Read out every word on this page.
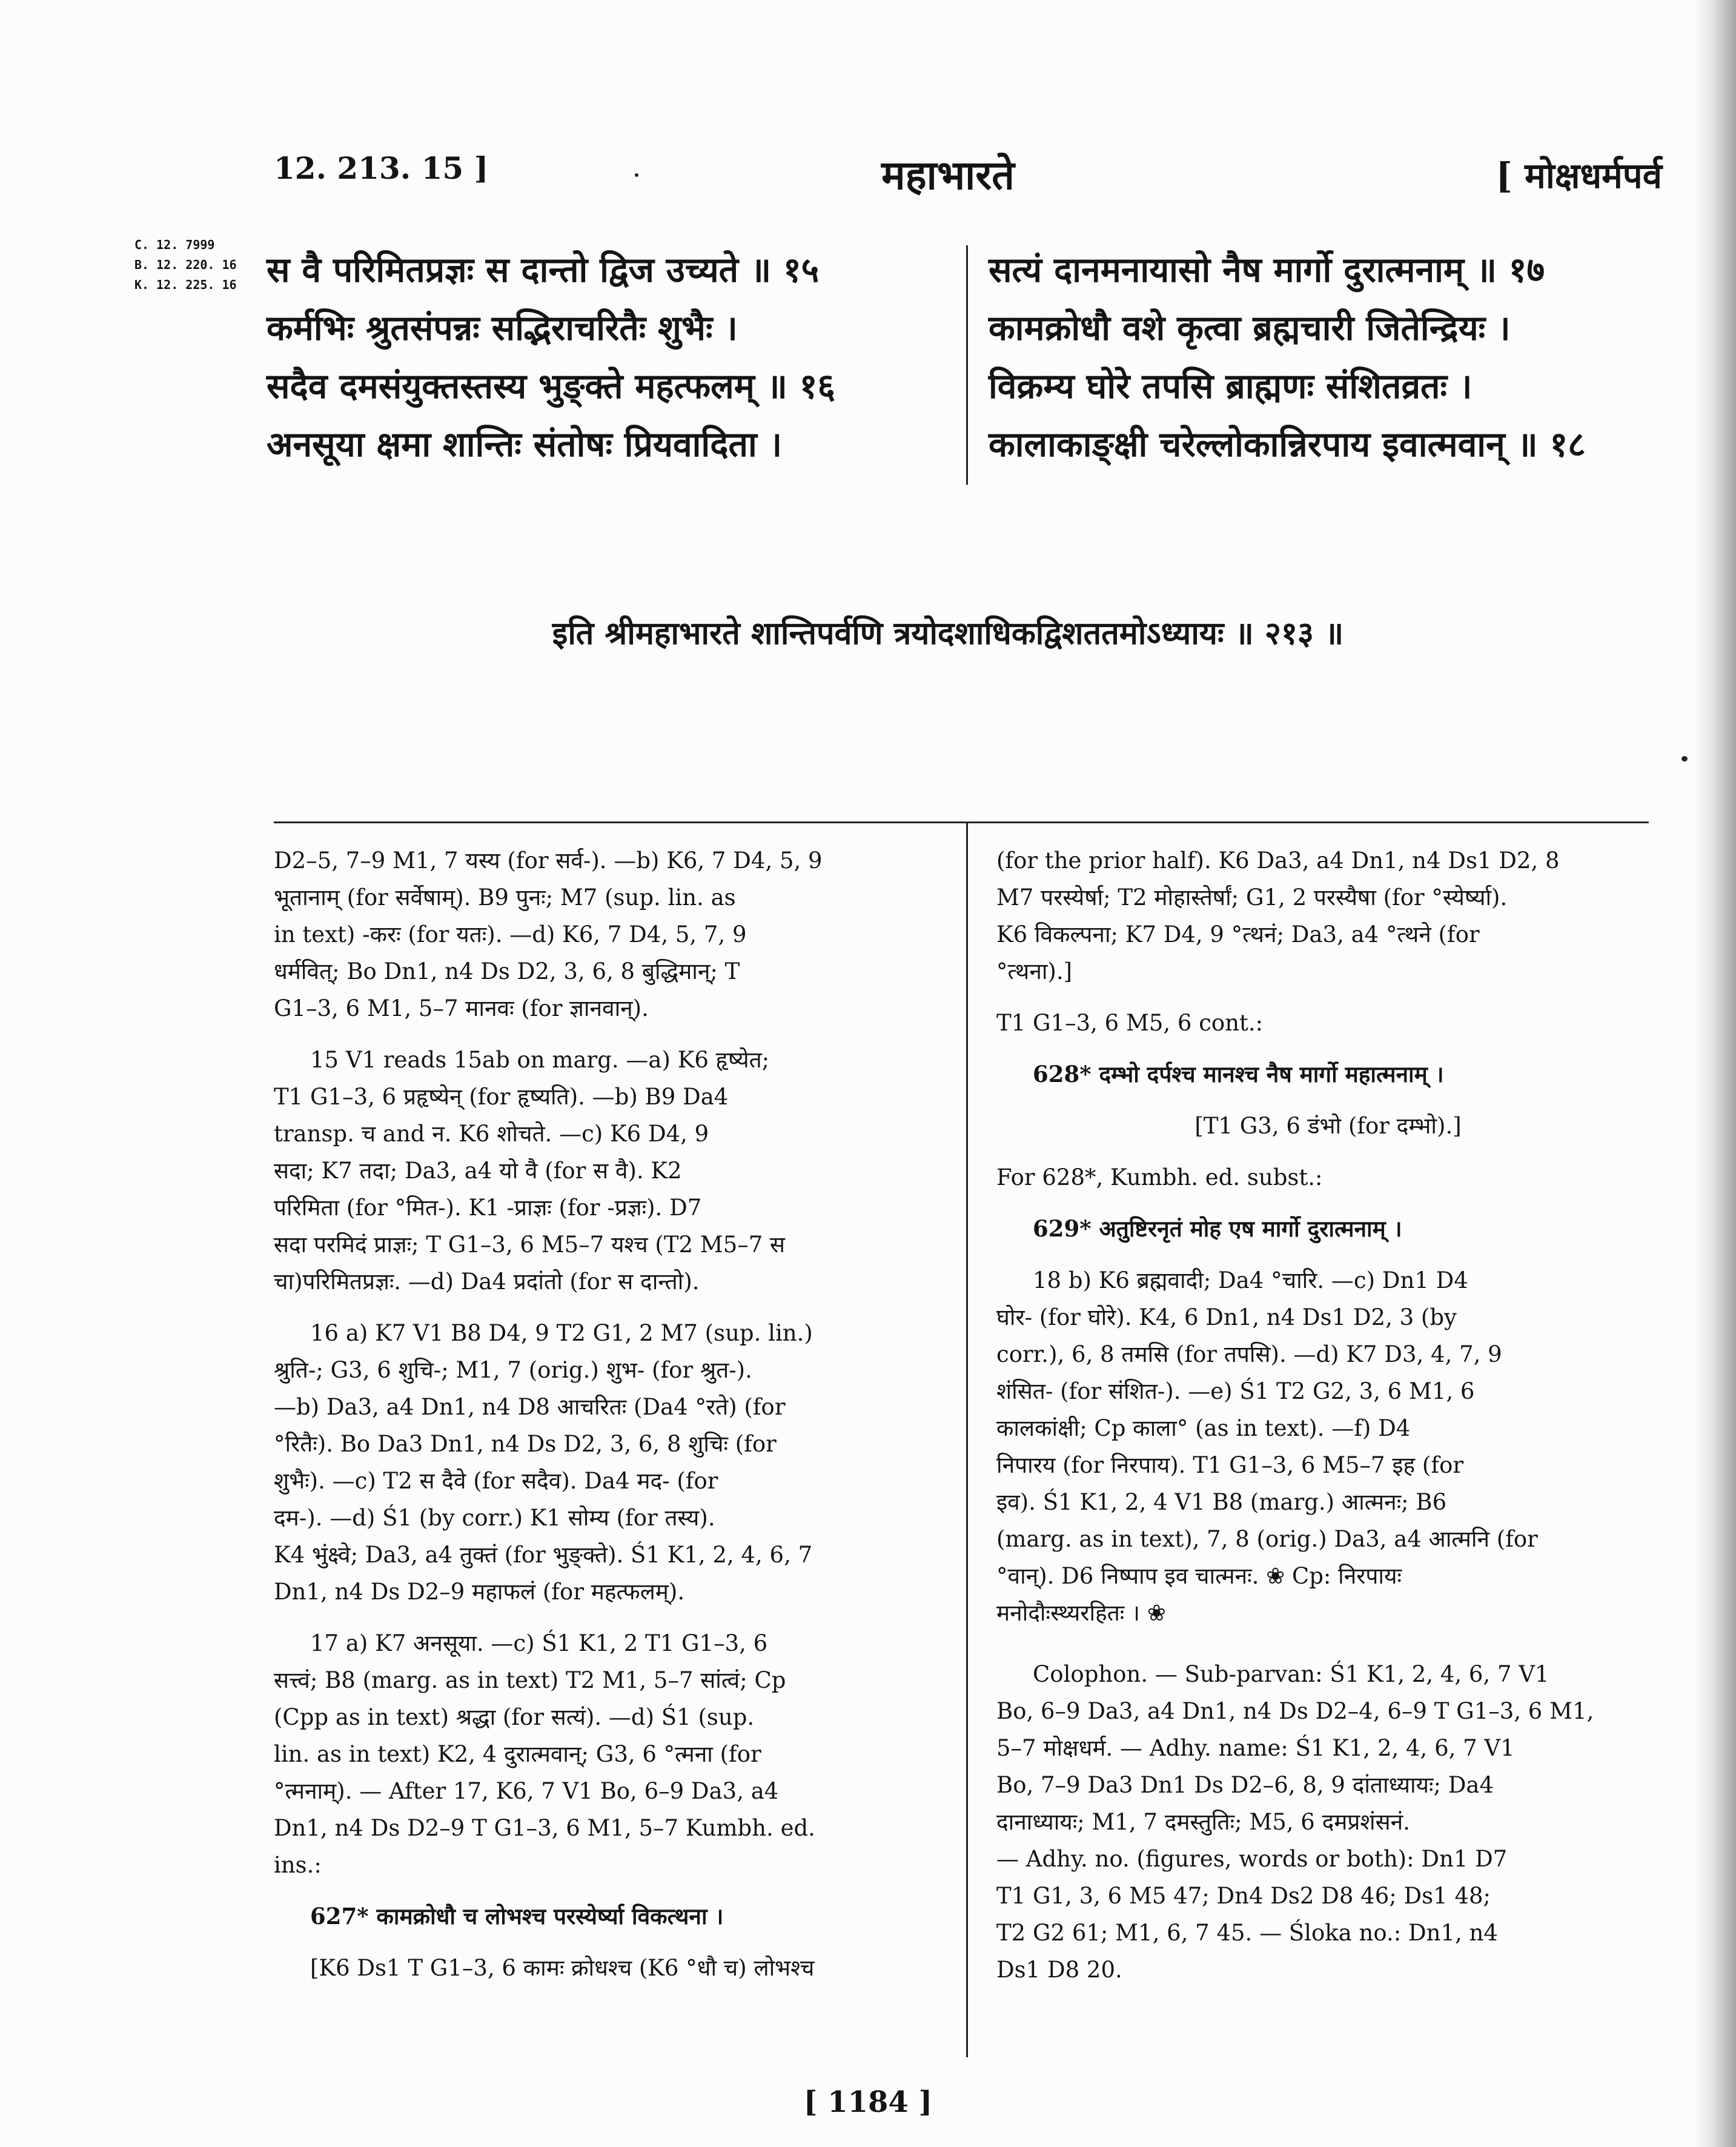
12. 213. 15 ]	महाभारते	[ मोक्षधर्मपर्व
C. 12. 7999
B. 12. 220. 16
K. 12. 225. 16 स वै परिमितप्रज्ञः स दान्तो द्विज उच्यते ॥ १५
कर्मभिः श्रुतसंपन्नः सद्भिराचरितैः शुभैः ।
सदैव दमसंयुक्तस्तस्य भुङ्क्ते महत्फलम् ॥ १६
अनसूया क्षमा शान्तिः संतोषः प्रियवादिता ।
सत्यं दानमनायासो नैष मार्गो दुरात्मनाम् ॥ १७
कामक्रोधौ वशे कृत्वा ब्रह्मचारी जितेन्द्रियः ।
विक्रम्य घोरे तपसि ब्राह्मणः संशितव्रतः ।
कालाकाङ्क्षी चरेल्लोकान्निरपाय इवात्मवान् ॥ १८
इति श्रीमहाभारते शान्तिपर्वणि त्रयोदशाधिकद्विशततमोऽध्यायः ॥ २१३ ॥

D2–5, 7–9 M1, 7 यस्य (for सर्व-). —b) K6, 7 D4, 5, 9

भूतानाम् (for सर्वेषाम्). B9 पुनः; M7 (sup. lin. as

in text) -करः (for यतः). —d) K6, 7 D4, 5, 7, 9

धर्मवित्; Bo Dn1, n4 Ds D2, 3, 6, 8 बुद्धिमान्; T

G1–3, 6 M1, 5–7 मानवः (for ज्ञानवान्).

15 V1 reads 15ab on marg. —a) K6 हृष्येत;

T1 G1–3, 6 प्रहृष्येन् (for हृष्यति). —b) B9 Da4

transp. च and न. K6 शोचते. —c) K6 D4, 9

सदा; K7 तदा; Da3, a4 यो वै (for स वै). K2

परिमिता (for °मित-). K1 -प्राज्ञः (for -प्रज्ञः). D7

सदा परमिदं प्राज्ञः; T G1–3, 6 M5–7 यश्च (T2 M5–7 स

चा)परिमितप्रज्ञः. —d) Da4 प्रदांतो (for स दान्तो).

16 a) K7 V1 B8 D4, 9 T2 G1, 2 M7 (sup. lin.)

श्रुति-; G3, 6 शुचि-; M1, 7 (orig.) शुभ- (for श्रुत-).

—b) Da3, a4 Dn1, n4 D8 आचरितः (Da4 °रते) (for

°रितैः). Bo Da3 Dn1, n4 Ds D2, 3, 6, 8 शुचिः (for

शुभैः). —c) T2 स दैवे (for सदैव). Da4 मद- (for

दम-). —d) Ś1 (by corr.) K1 सोम्य (for तस्य).

K4 भुंक्ष्वे; Da3, a4 तुक्तं (for भुङ्क्ते). Ś1 K1, 2, 4, 6, 7

Dn1, n4 Ds D2–9 महाफलं (for महत्फलम्).

17 a) K7 अनसूया. —c) Ś1 K1, 2 T1 G1–3, 6

सत्त्वं; B8 (marg. as in text) T2 M1, 5–7 सांत्वं; Cp

(Cpp as in text) श्रद्धा (for सत्यं). —d) Ś1 (sup.

lin. as in text) K2, 4 दुरात्मवान्; G3, 6 °त्मना (for

°त्मनाम्). — After 17, K6, 7 V1 Bo, 6–9 Da3, a4

Dn1, n4 Ds D2–9 T G1–3, 6 M1, 5–7 Kumbh. ed.

ins.:

627* कामक्रोधौ च लोभश्च परस्येर्ष्या विकत्थना ।

[K6 Ds1 T G1–3, 6 कामः क्रोधश्च (K6 °धौ च) लोभश्च

(for the prior half). K6 Da3, a4 Dn1, n4 Ds1 D2, 8

M7 परस्येर्षा; T2 मोहास्तेर्षां; G1, 2 परस्यैषा (for °स्येर्ष्या).

K6 विकल्पना; K7 D4, 9 °त्थनं; Da3, a4 °त्थने (for

°त्थना).]

T1 G1–3, 6 M5, 6 cont.:

628* दम्भो दर्पश्च मानश्च नैष मार्गो महात्मनाम् ।

[T1 G3, 6 डंभो (for दम्भो).]

For 628*, Kumbh. ed. subst.:

629* अतुष्टिरनृतं मोह एष मार्गो दुरात्मनाम् ।

18 b) K6 ब्रह्मवादी; Da4 °चारि. —c) Dn1 D4

घोर- (for घोरे). K4, 6 Dn1, n4 Ds1 D2, 3 (by

corr.), 6, 8 तमसि (for तपसि). —d) K7 D3, 4, 7, 9

शंसित- (for संशित-). —e) Ś1 T2 G2, 3, 6 M1, 6

कालकांक्षी; Cp काला° (as in text). —f) D4

निपारय (for निरपाय). T1 G1–3, 6 M5–7 इह (for

इव). Ś1 K1, 2, 4 V1 B8 (marg.) आत्मनः; B6

(marg. as in text), 7, 8 (orig.) Da3, a4 आत्मनि (for

°वान्). D6 निष्पाप इव चात्मनः. ❀ Cp: निरपायः

मनोदौःस्थ्यरहितः । ❀

Colophon. — Sub-parvan: Ś1 K1, 2, 4, 6, 7 V1

Bo, 6–9 Da3, a4 Dn1, n4 Ds D2–4, 6–9 T G1–3, 6 M1,

5–7 मोक्षधर्म. — Adhy. name: Ś1 K1, 2, 4, 6, 7 V1

Bo, 7–9 Da3 Dn1 Ds D2–6, 8, 9 दांताध्यायः; Da4

दानाध्यायः; M1, 7 दमस्तुतिः; M5, 6 दमप्रशंसनं.

— Adhy. no. (figures, words or both): Dn1 D7

T1 G1, 3, 6 M5 47; Dn4 Ds2 D8 46; Ds1 48;

T2 G2 61; M1, 6, 7 45. — Śloka no.: Dn1, n4

Ds1 D8 20.

[ 1184 ]
